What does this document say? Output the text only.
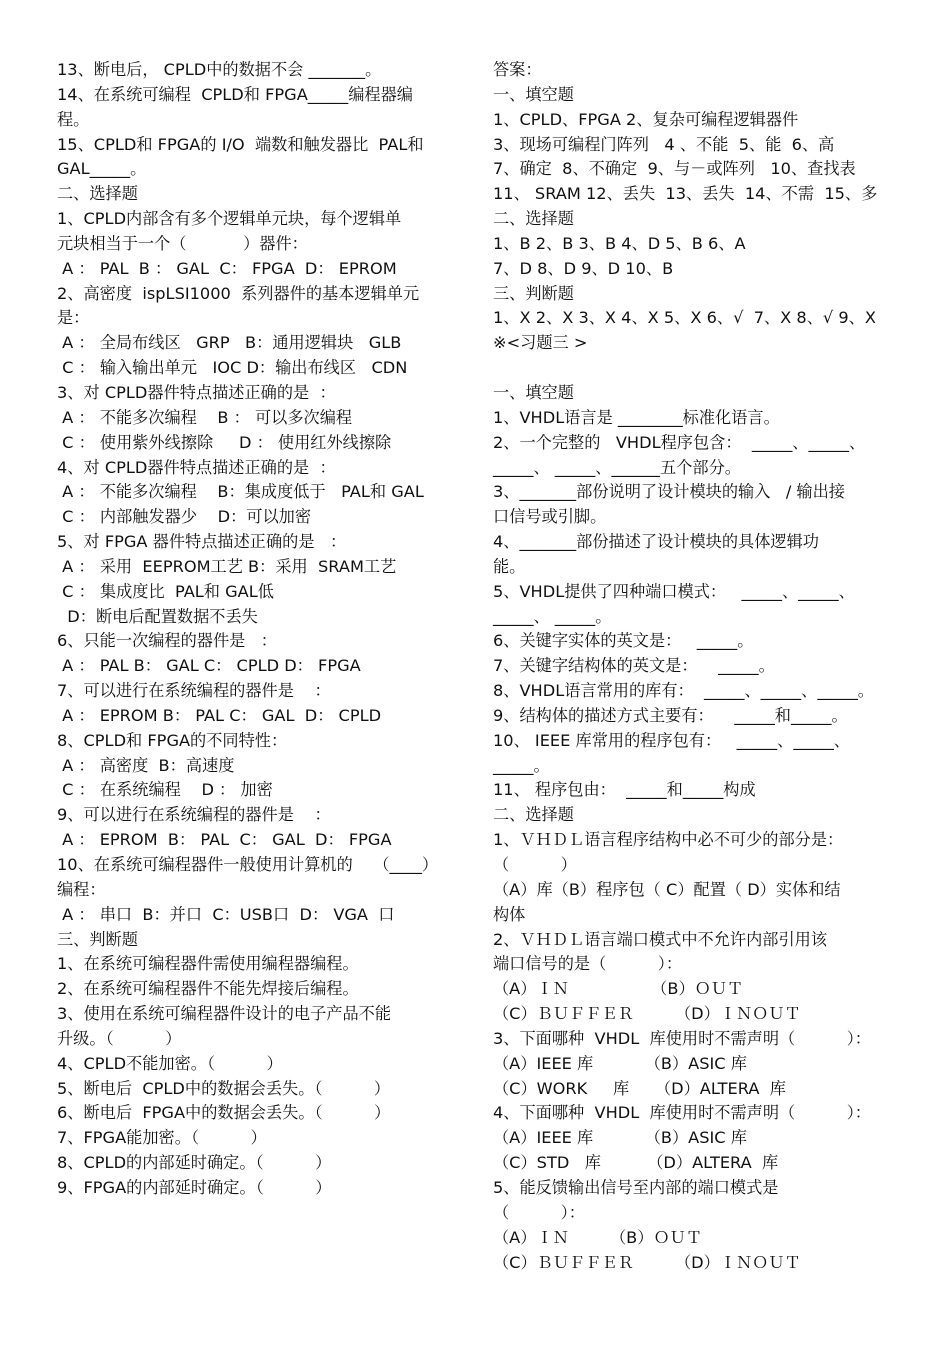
13、断电后， CPLD中的数据不会 _______。
14、在系统可编程  CPLD和 FPGA_____编程器编
程。
15、CPLD和 FPGA的 I/O  端数和触发器比  PAL和
GAL_____。
二、选择题
1、CPLD内部含有多个逻辑单元块，每个逻辑单
元块相当于一个（           ）器件：
A ： PAL  B ： GAL  C： FPGA  D： EPROM
2、高密度  ispLSI1000  系列器件的基本逻辑单元
是：
A ： 全局布线区   GRP   B：通用逻辑块   GLB
C ： 输入输出单元   IOC D：输出布线区   CDN
3、对 CPLD器件特点描述正确的是  ：
A ： 不能多次编程    B ： 可以多次编程
C ： 使用紫外线擦除     D ： 使用红外线擦除
4、对 CPLD器件特点描述正确的是  ：
A ： 不能多次编程    B：集成度低于   PAL和 GAL
C ： 内部触发器少    D：可以加密
5、对 FPGA 器件特点描述正确的是   ：
A ： 采用  EEPROM工艺 B：采用  SRAM工艺
C ： 集成度比  PAL和 GAL低
D：断电后配置数据不丢失
6、只能一次编程的器件是   ：
A ： PAL B： GAL C： CPLD D： FPGA
7、可以进行在系统编程的器件是    ：
A ： EPROM B： PAL C： GAL  D： CPLD
8、CPLD和 FPGA的不同特性：
A ： 高密度  B：高速度
C ： 在系统编程    D ： 加密
9、可以进行在系统编程的器件是    ：
A ： EPROM  B： PAL  C： GAL  D： FPGA
10、在系统可编程器件一般使用计算机的    （____）
编程：
A ： 串口  B：并口  C：USB口  D： VGA  口
三、判断题
1、在系统可编程器件需使用编程器编程。
2、在系统可编程器件不能先焊接后编程。
3、使用在系统可编程器件设计的电子产品不能
升级。（          ）
4、CPLD不能加密。（          ）
5、断电后  CPLD中的数据会丢失。（          ）
6、断电后  FPGA中的数据会丢失。（          ）
7、FPGA能加密。（          ）
8、CPLD的内部延时确定。（          ）
9、FPGA的内部延时确定。（          ）
答案：
一、填空题
1、CPLD、FPGA 2、复杂可编程逻辑器件
3、现场可编程门阵列   4 、不能  5、能  6、高
7、确定  8、不确定  9、与－或阵列   10、查找表
11、 SRAM 12、丢失  13、丢失  14、不需  15、多
二、选择题
1、B 2、B 3、B 4、D 5、B 6、A
7、D 8、D 9、D 10、B
三、判断题
1、X 2、X 3、X 4、X 5、X 6、√  7、X 8、√ 9、X
※<习题三 >
一、填空题
1、VHDL语言是 ________标准化语言。
2、一个完整的   VHDL程序包含：  _____、_____、
_____、 _____、______五个部分。
3、_______部份说明了设计模块的输入   / 输出接
口信号或引脚。
4、_______部份描述了设计模块的具体逻辑功
能。
5、VHDL提供了四种端口模式：   _____、_____、
_____、 _____。
6、关键字实体的英文是：   _____。
7、关键字结构体的英文是：    _____。
8、VHDL语言常用的库有：  _____、_____、_____。
9、结构体的描述方式主要有：    _____和_____。
10、 IEEE 库常用的程序包有：   _____、_____、
_____。
11、 程序包由：  _____和_____构成
二、选择题
1、ＶＨＤＬ语言程序结构中必不可少的部分是：
（          ）
（A）库（B）程序包（ C）配置（ D）实体和结
构体
2、ＶＨＤＬ语言端口模式中不允许内部引用该
端口信号的是（          ）：
（A）ＩＮ                （B）ＯＵＴ
（C）ＢＵＦＦＥＲ        （D）ＩＮＯＵＴ
3、下面哪种  VHDL  库使用时不需声明（          ）：
（A）IEEE 库          （B）ASIC 库
（C）WORK     库     （D）ALTERA  库
4、下面哪种  VHDL  库使用时不需声明（          ）：
（A）IEEE 库          （B）ASIC 库
（C）STD   库         （D）ALTERA  库
5、能反馈输出信号至内部的端口模式是
（          ）：
（A）ＩＮ        （B）ＯＵＴ
（C）ＢＵＦＦＥＲ        （D）ＩＮＯＵＴ
